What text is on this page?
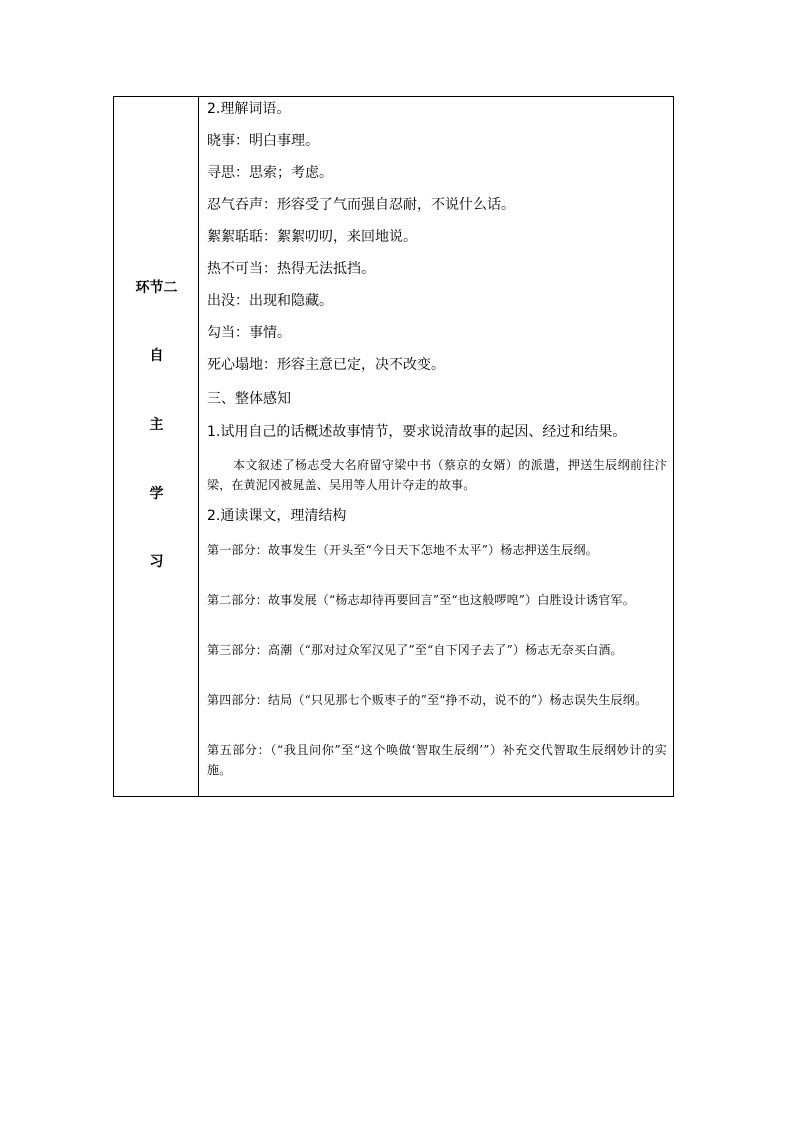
环节二
自
主
学
习
2.理解词语。
晓事：明白事理。
寻思：思索；考虑。
忍气吞声：形容受了气而强自忍耐，不说什么话。
絮絮聒聒：絮絮叨叨，来回地说。
热不可当：热得无法抵挡。
出没：出现和隐藏。
勾当：事情。
死心塌地：形容主意已定，决不改变。
三、整体感知
1.试用自己的话概述故事情节，要求说清故事的起因、经过和结果。
本文叙述了杨志受大名府留守梁中书（蔡京的女婿）的派遣，押送生辰纲前往汴梁，在黄泥冈被晁盖、吴用等人用计夺走的故事。
2.通读课文，理清结构
第一部分：故事发生（开头至“今日天下怎地不太平”）杨志押送生辰纲。
第二部分：故事发展（“杨志却待再要回言”至“也这般啰唣”）白胜设计诱官军。
第三部分：高潮（“那对过众军汉见了”至“自下冈子去了”）杨志无奈买白酒。
第四部分：结局（“只见那七个贩枣子的”至“挣不动，说不的”）杨志误失生辰纲。
第五部分：（“我且问你”至“这个唤做‘智取生辰纲’”）补充交代智取生辰纲妙计的实施。
